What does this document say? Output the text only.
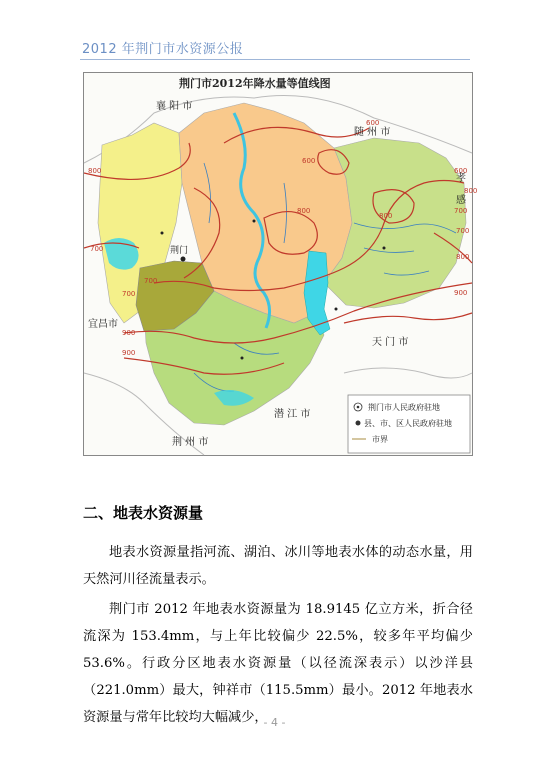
2012 年荆门市水资源公报
600
600
600
800
800
800
800
700
700
700
700
900
900
900
800
700
荆门市2012年降水量等值线图
襄 阳 市
随 州 市
孝
感
宜昌市
天 门 市
潜 江 市
荆 州 市
荆门
荆门市人民政府驻地
县、市、区人民政府驻地
市界
二、地表水资源量
地表水资源量指河流、湖泊、冰川等地表水体的动态水量，用天然河川径流量表示。
荆门市 2012 年地表水资源量为 18.9145 亿立方米，折合径流深为 153.4mm，与上年比较偏少 22.5%，较多年平均偏少 53.6%。行政分区地表水资源量（以径流深表示）以沙洋县（221.0mm）最大，钟祥市（115.5mm）最小。2012 年地表水资源量与常年比较均大幅减少，
- 4 -
